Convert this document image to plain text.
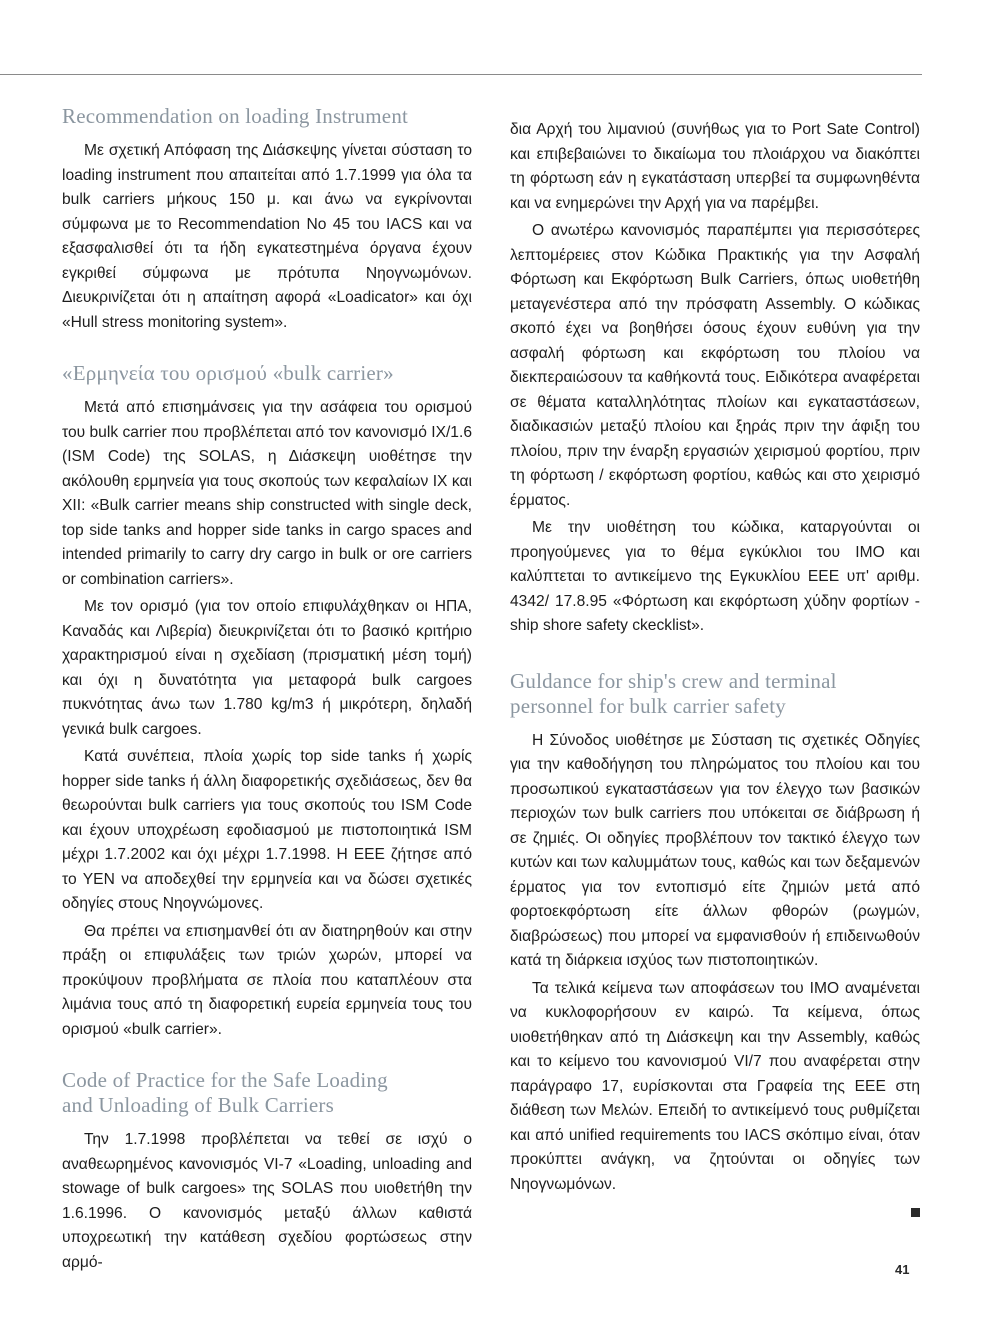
Recommendation on loading Instrument

Με σχετική Απόφαση της Διάσκεψης γίνεται σύσταση το loading instrument που απαιτείται από 1.7.1999 για όλα τα bulk carriers μήκους 150 μ. και άνω να εγκρίνονται σύμφωνα με το Recommendation No 45 του IACS και να εξασφαλισθεί ότι τα ήδη εγκατεστημένα όργανα έχουν εγκριθεί σύμφωνα με πρότυπα Νηογνωμόνων. Διευκρινίζεται ότι η απαίτηση αφορά «Loadicator» και όχι «Hull stress monitoring system».

«Ερμηνεία του ορισμού «bulk carrier»

Μετά από επισημάνσεις για την ασάφεια του ορισμού του bulk carrier που προβλέπεται από τον κανονισμό IX/1.6 (ISM Code) της SOLAS, η Διάσκεψη υιοθέτησε την ακόλουθη ερμηνεία για τους σκοπούς των κεφαλαίων IX και XII: «Bulk carrier means ship constructed with single deck, top side tanks and hopper side tanks in cargo spaces and intended primarily to carry dry cargo in bulk or ore carriers or combination carriers».

Με τον ορισμό (για τον οποίο επιφυλάχθηκαν οι ΗΠΑ, Καναδάς και Λιβερία) διευκρινίζεται ότι το βασικό κριτήριο χαρακτηρισμού είναι η σχεδίαση (πρισματική μέση τομή) και όχι η δυνατότητα για μεταφορά bulk cargoes πυκνότητας άνω των 1.780 kg/m3 ή μικρότερη, δηλαδή γενικά bulk cargoes.

Κατά συνέπεια, πλοία χωρίς top side tanks ή χωρίς hopper side tanks ή άλλη διαφορετικής σχεδιάσεως, δεν θα θεωρούνται bulk carriers για τους σκοπούς του ISM Code και έχουν υποχρέωση εφοδιασμού με πιστοποιητικά ISM μέχρι 1.7.2002 και όχι μέχρι 1.7.1998. Η ΕΕΕ ζήτησε από το ΥΕΝ να αποδεχθεί την ερμηνεία και να δώσει σχετικές οδηγίες στους Νηογνώμονες.

Θα πρέπει να επισημανθεί ότι αν διατηρηθούν και στην πράξη οι επιφυλάξεις των τριών χωρών, μπορεί να προκύψουν προβλήματα σε πλοία που καταπλέουν στα λιμάνια τους από τη διαφορετική ευρεία ερμηνεία τους του ορισμού «bulk carrier».

Code of Practice for the Safe Loading
and Unloading of Bulk Carriers

Την 1.7.1998 προβλέπεται να τεθεί σε ισχύ ο αναθεωρημένος κανονισμός VI-7 «Loading, unloading and stowage of bulk cargoes» της SOLAS που υιοθετήθη την 1.6.1996. Ο κανονισμός μεταξύ άλλων καθιστά υποχρεωτική την κατάθεση σχεδίου φορτώσεως στην αρμό-

δια Αρχή του λιμανιού (συνήθως για το Port Sate Control) και επιβεβαιώνει το δικαίωμα του πλοιάρχου να διακόπτει τη φόρτωση εάν η εγκατάσταση υπερβεί τα συμφωνηθέντα και να ενημερώνει την Αρχή για να παρέμβει.

Ο ανωτέρω κανονισμός παραπέμπει για περισσότερες λεπτομέρειες στον Κώδικα Πρακτικής για την Ασφαλή Φόρτωση και Εκφόρτωση Bulk Carriers, όπως υιοθετήθη μεταγενέστερα από την πρόσφατη Assembly. Ο κώδικας σκοπό έχει να βοηθήσει όσους έχουν ευθύνη για την ασφαλή φόρτωση και εκφόρτωση του πλοίου να διεκπεραιώσουν τα καθήκοντά τους. Ειδικότερα αναφέρεται σε θέματα καταλληλότητας πλοίων και εγκαταστάσεων, διαδικασιών μεταξύ πλοίου και ξηράς πριν την άφιξη του πλοίου, πριν την έναρξη εργασιών χειρισμού φορτίου, πριν τη φόρτωση / εκφόρτωση φορτίου, καθώς και στο χειρισμό έρματος.

Με την υιοθέτηση του κώδικα, καταργούνται οι προηγούμενες για το θέμα εγκύκλιοι του IMO και καλύπτεται το αντικείμενο της Εγκυκλίου ΕΕΕ υπ' αριθμ. 4342/ 17.8.95 «Φόρτωση και εκφόρτωση χύδην φορτίων - ship shore safety ckecklist».

Guldance for ship's crew and terminal
personnel for bulk carrier safety

Η Σύνοδος υιοθέτησε με Σύσταση τις σχετικές Οδηγίες για την καθοδήγηση του πληρώματος του πλοίου και του προσωπικού εγκαταστάσεων για τον έλεγχο των βασικών περιοχών των bulk carriers που υπόκειται σε διάβρωση ή σε ζημιές. Οι οδηγίες προβλέπουν τον τακτικό έλεγχο των κυτών και των καλυμμάτων τους, καθώς και των δεξαμενών έρματος για τον εντοπισμό είτε ζημιών μετά από φορτοεκφόρτωση είτε άλλων φθορών (ρωγμών, διαβρώσεως) που μπορεί να εμφανισθούν ή επιδεινωθούν κατά τη διάρκεια ισχύος των πιστοποιητικών.

Τα τελικά κείμενα των αποφάσεων του IMO αναμένεται να κυκλοφορήσουν εν καιρώ. Τα κείμενα, όπως υιοθετήθηκαν από τη Διάσκεψη και την Assembly, καθώς και το κείμενο του κανονισμού VI/7 που αναφέρεται στην παράγραφο 17, ευρίσκονται στα Γραφεία της ΕΕΕ στη διάθεση των Μελών. Επειδή το αντικείμενό τους ρυθμίζεται και από unified requirements του IACS σκόπιμο είναι, όταν προκύπτει ανάγκη, να ζητούνται οι οδηγίες των Νηογνωμόνων.

41
